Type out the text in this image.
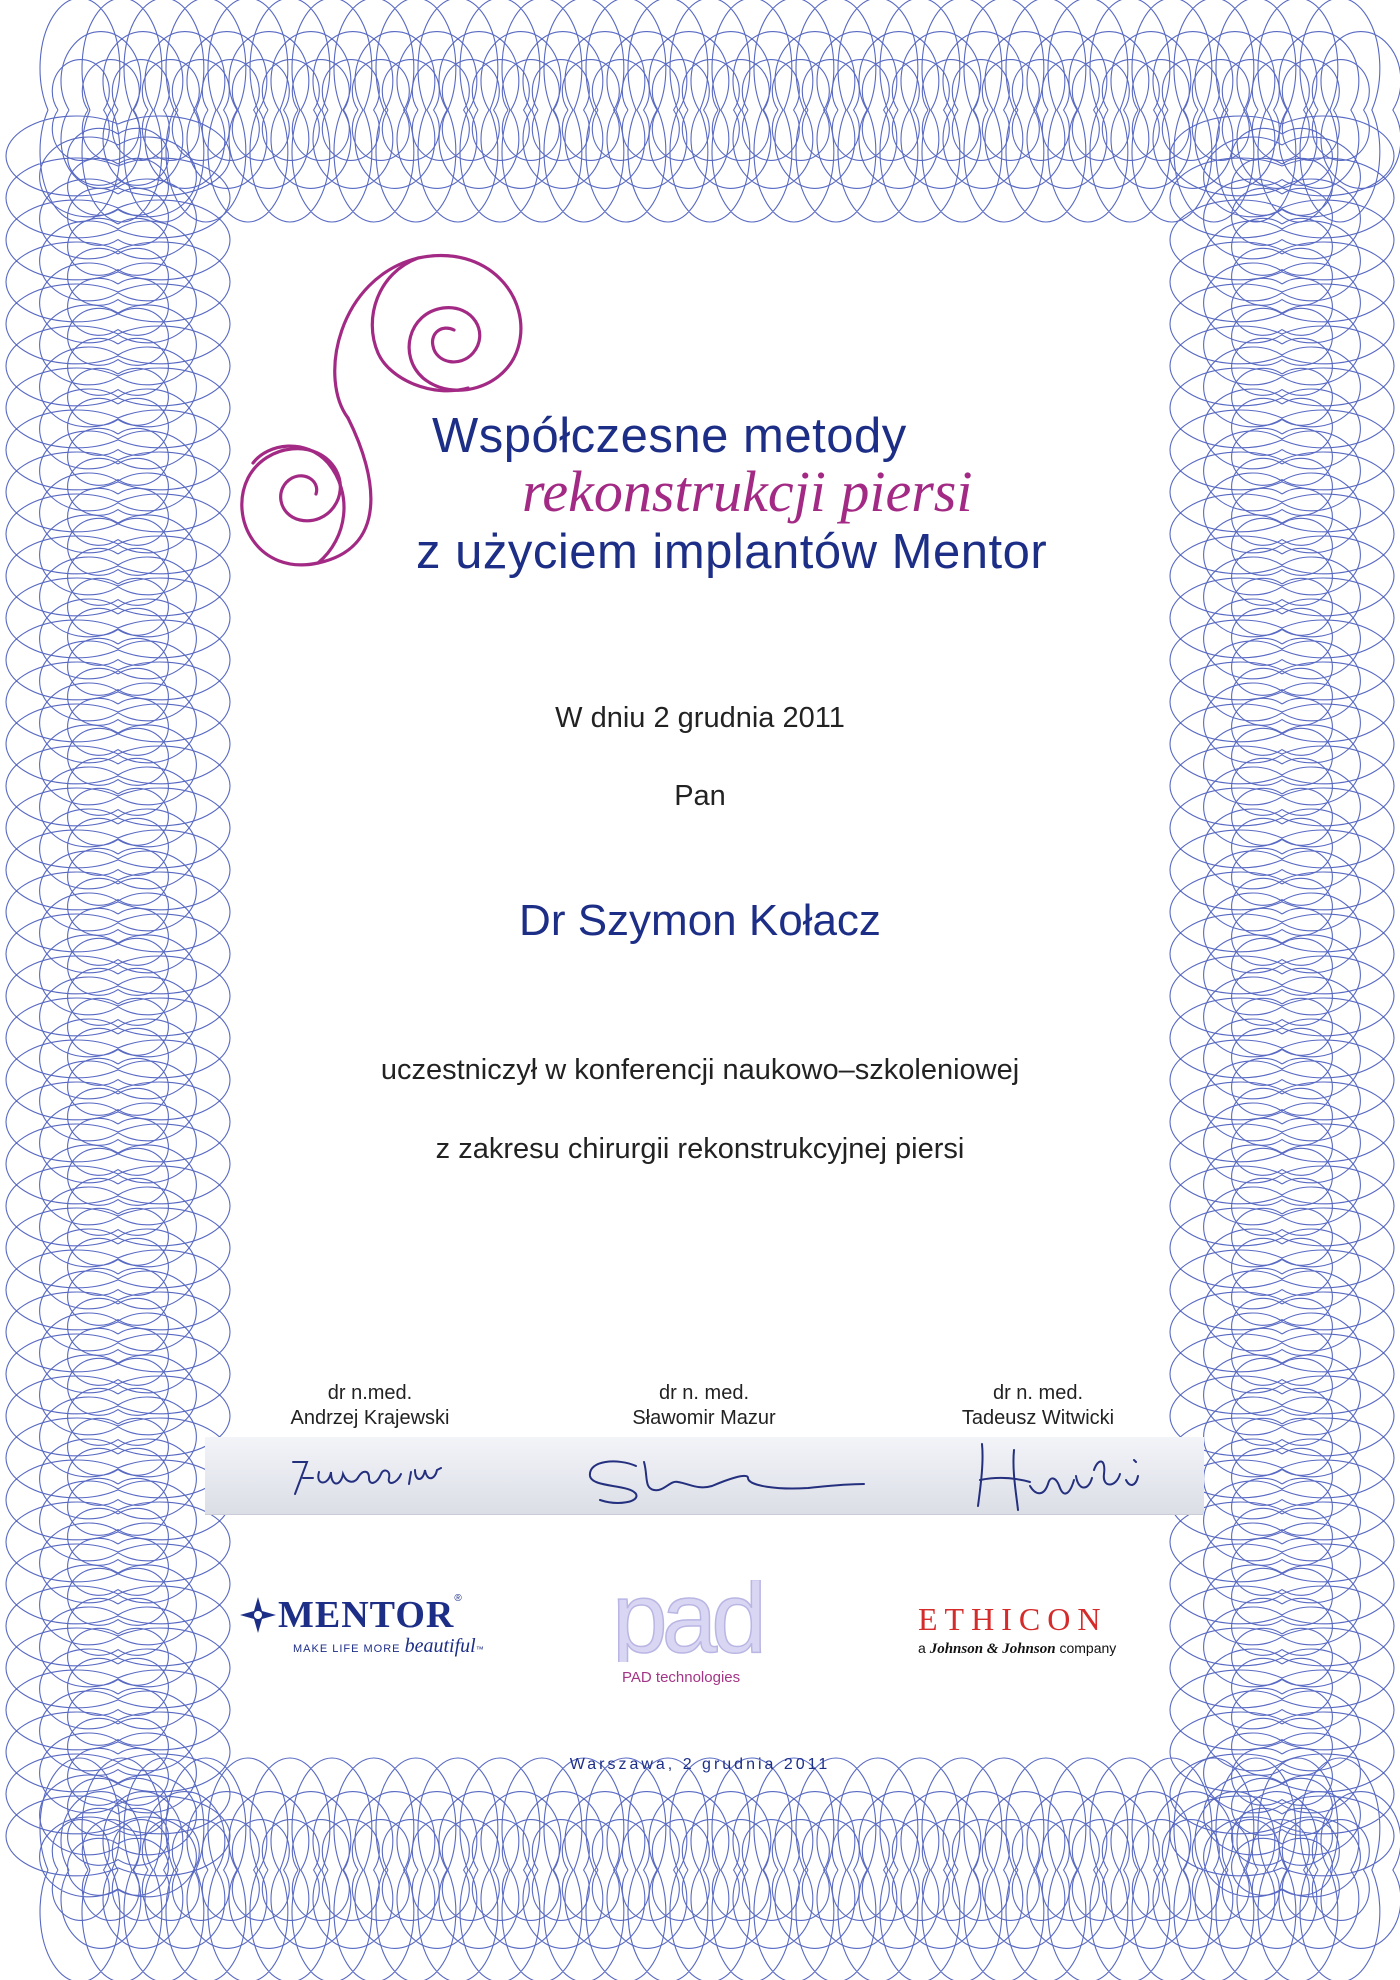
Współczesne metody
rekonstrukcji piersi
z użyciem implantów Mentor
W dniu 2 grudnia 2011
Pan
Dr Szymon Kołacz
uczestniczył w konferencji naukowo–szkoleniowej
z zakresu chirurgii rekonstrukcyjnej piersi
dr n.med.
Andrzej Krajewski
dr n. med.
Sławomir Mazur
dr n. med.
Tadeusz Witwicki
MENTOR®
MAKE LIFE MORE beautiful™ pad
PAD technologies
ETHICON
a Johnson & Johnson company
Warszawa, 2 grudnia 2011
